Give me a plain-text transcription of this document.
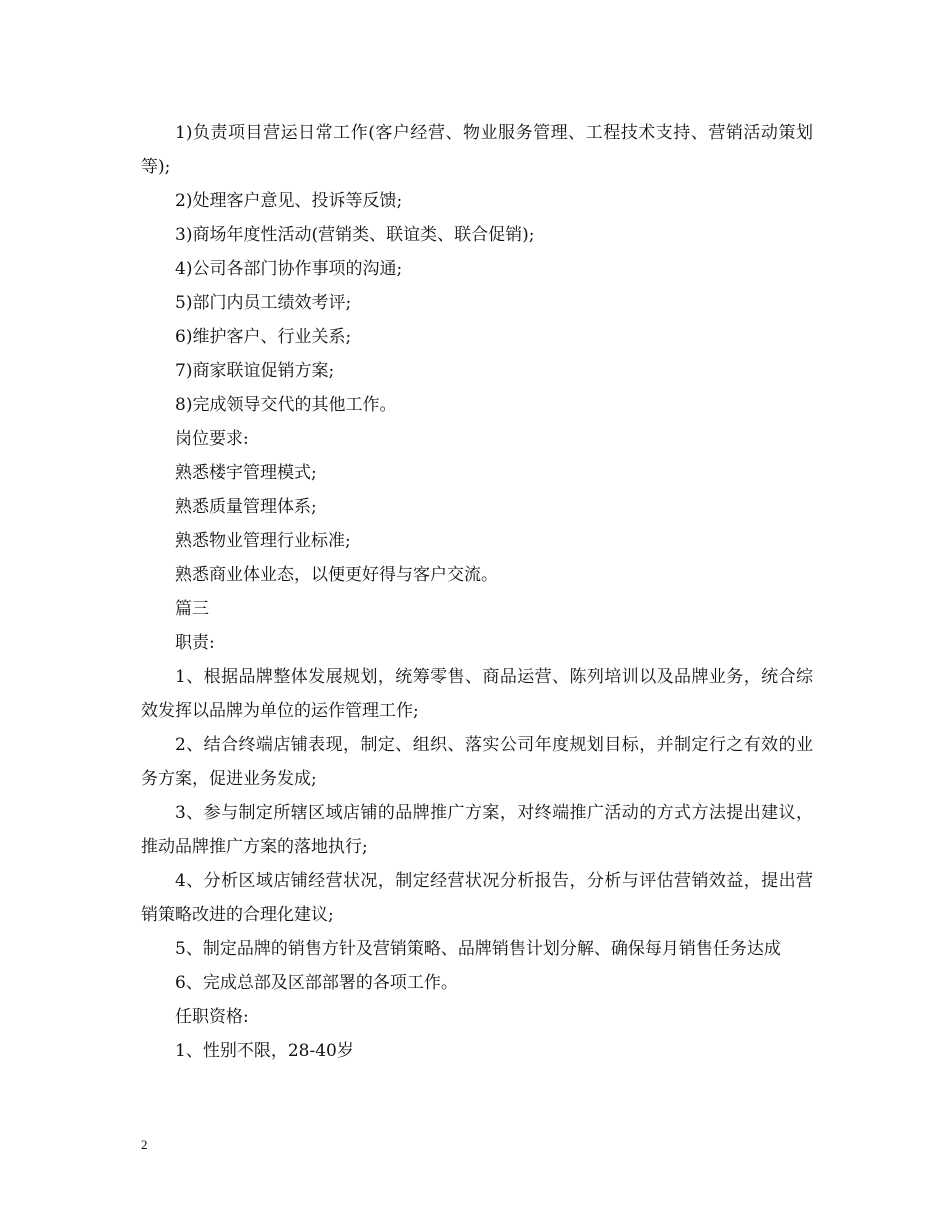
1)负责项目营运日常工作(客户经营、物业服务管理、工程技术支持、营销活动策划等);

2)处理客户意见、投诉等反馈;

3)商场年度性活动(营销类、联谊类、联合促销);

4)公司各部门协作事项的沟通;

5)部门内员工绩效考评;

6)维护客户、行业关系;

7)商家联谊促销方案;

8)完成领导交代的其他工作。

岗位要求:

熟悉楼宇管理模式;

熟悉质量管理体系;

熟悉物业管理行业标准;

熟悉商业体业态，以便更好得与客户交流。

篇三

职责:

1、根据品牌整体发展规划，统筹零售、商品运营、陈列培训以及品牌业务，统合综效发挥以品牌为单位的运作管理工作;

2、结合终端店铺表现，制定、组织、落实公司年度规划目标，并制定行之有效的业务方案，促进业务发成;

3、参与制定所辖区域店铺的品牌推广方案，对终端推广活动的方式方法提出建议，推动品牌推广方案的落地执行;

4、分析区域店铺经营状况，制定经营状况分析报告，分析与评估营销效益，提出营销策略改进的合理化建议;

5、制定品牌的销售方针及营销策略、品牌销售计划分解、确保每月销售任务达成

6、完成总部及区部部署的各项工作。

任职资格:

1、性别不限，28-40岁

2
